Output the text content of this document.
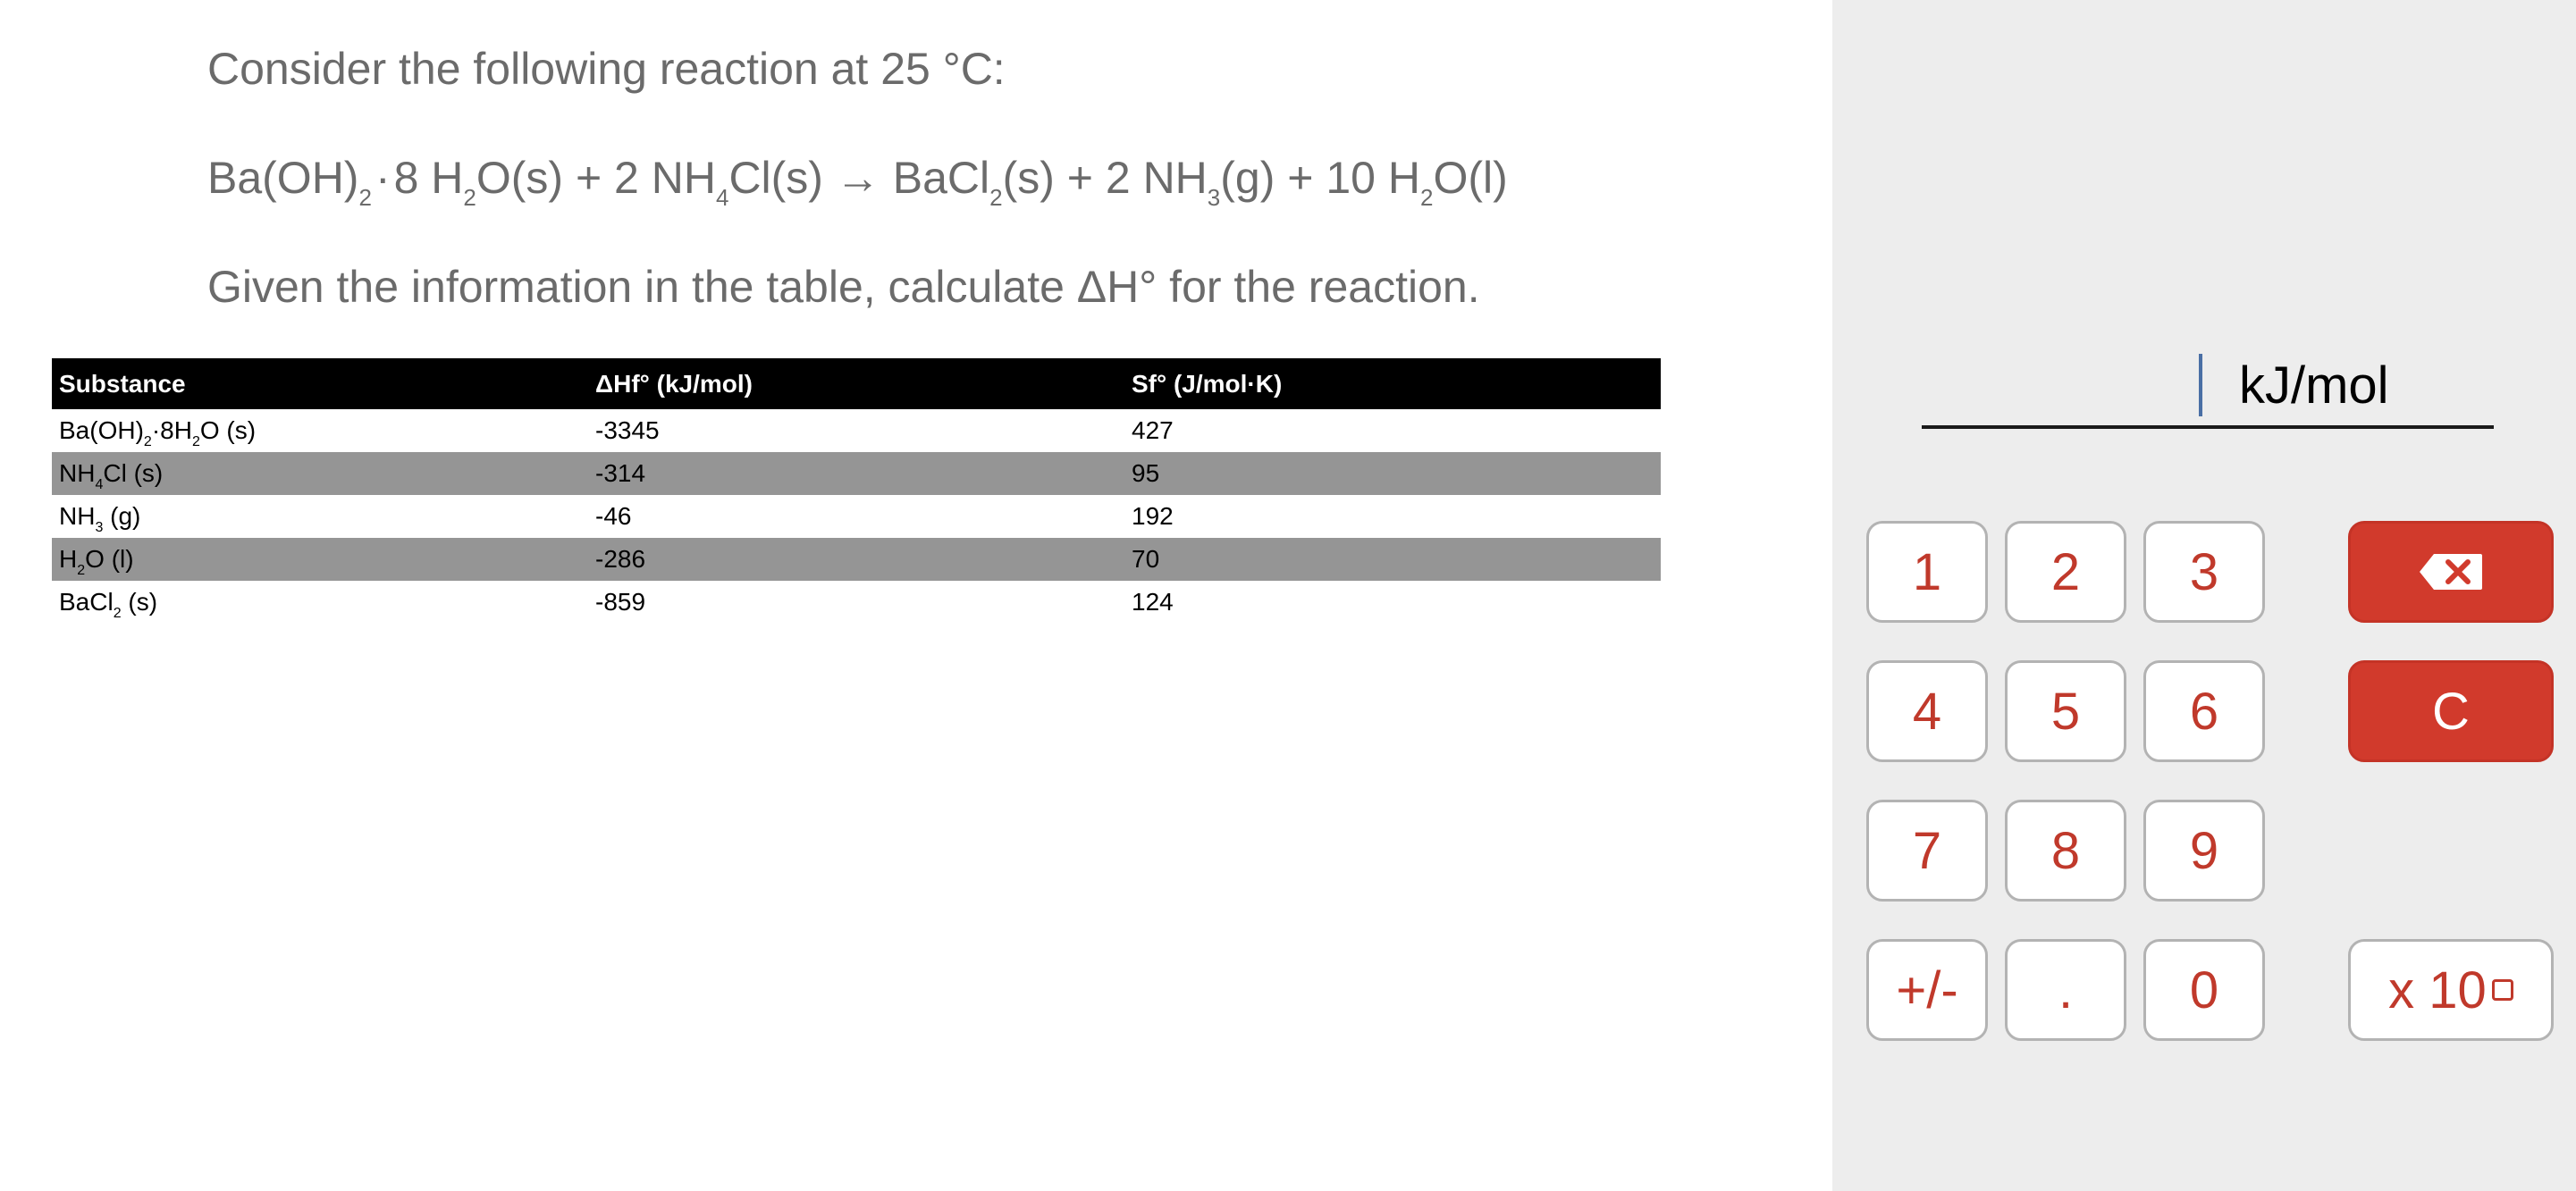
Consider the following reaction at 25 °C:
$Ba(OH)_2\cdot 8$ $H_2O(s) + 2$ $NH_4Cl(s)$ → BaCl$_2$(s) + 2 $NH_3(g) + 10$ $H_2O(l)$
Given the information in the table, calculate ΔH° for the reaction.
Substance	ΔHf° (kJ/mol)	Sf° (J/mol·K)
$Ba(OH)_2\cdot 8H_2O$ (s)	-3345	427
$NH_4Cl$ (s)	-314	95
$NH_3$ (g)	-46	192
$H_2O$ (l)	-286	70
BaCl$_2$ (s)	-859	124
kJ/mol
1	2	3
4	5	6	C
7	8	9
+/-	.	0	x 10
